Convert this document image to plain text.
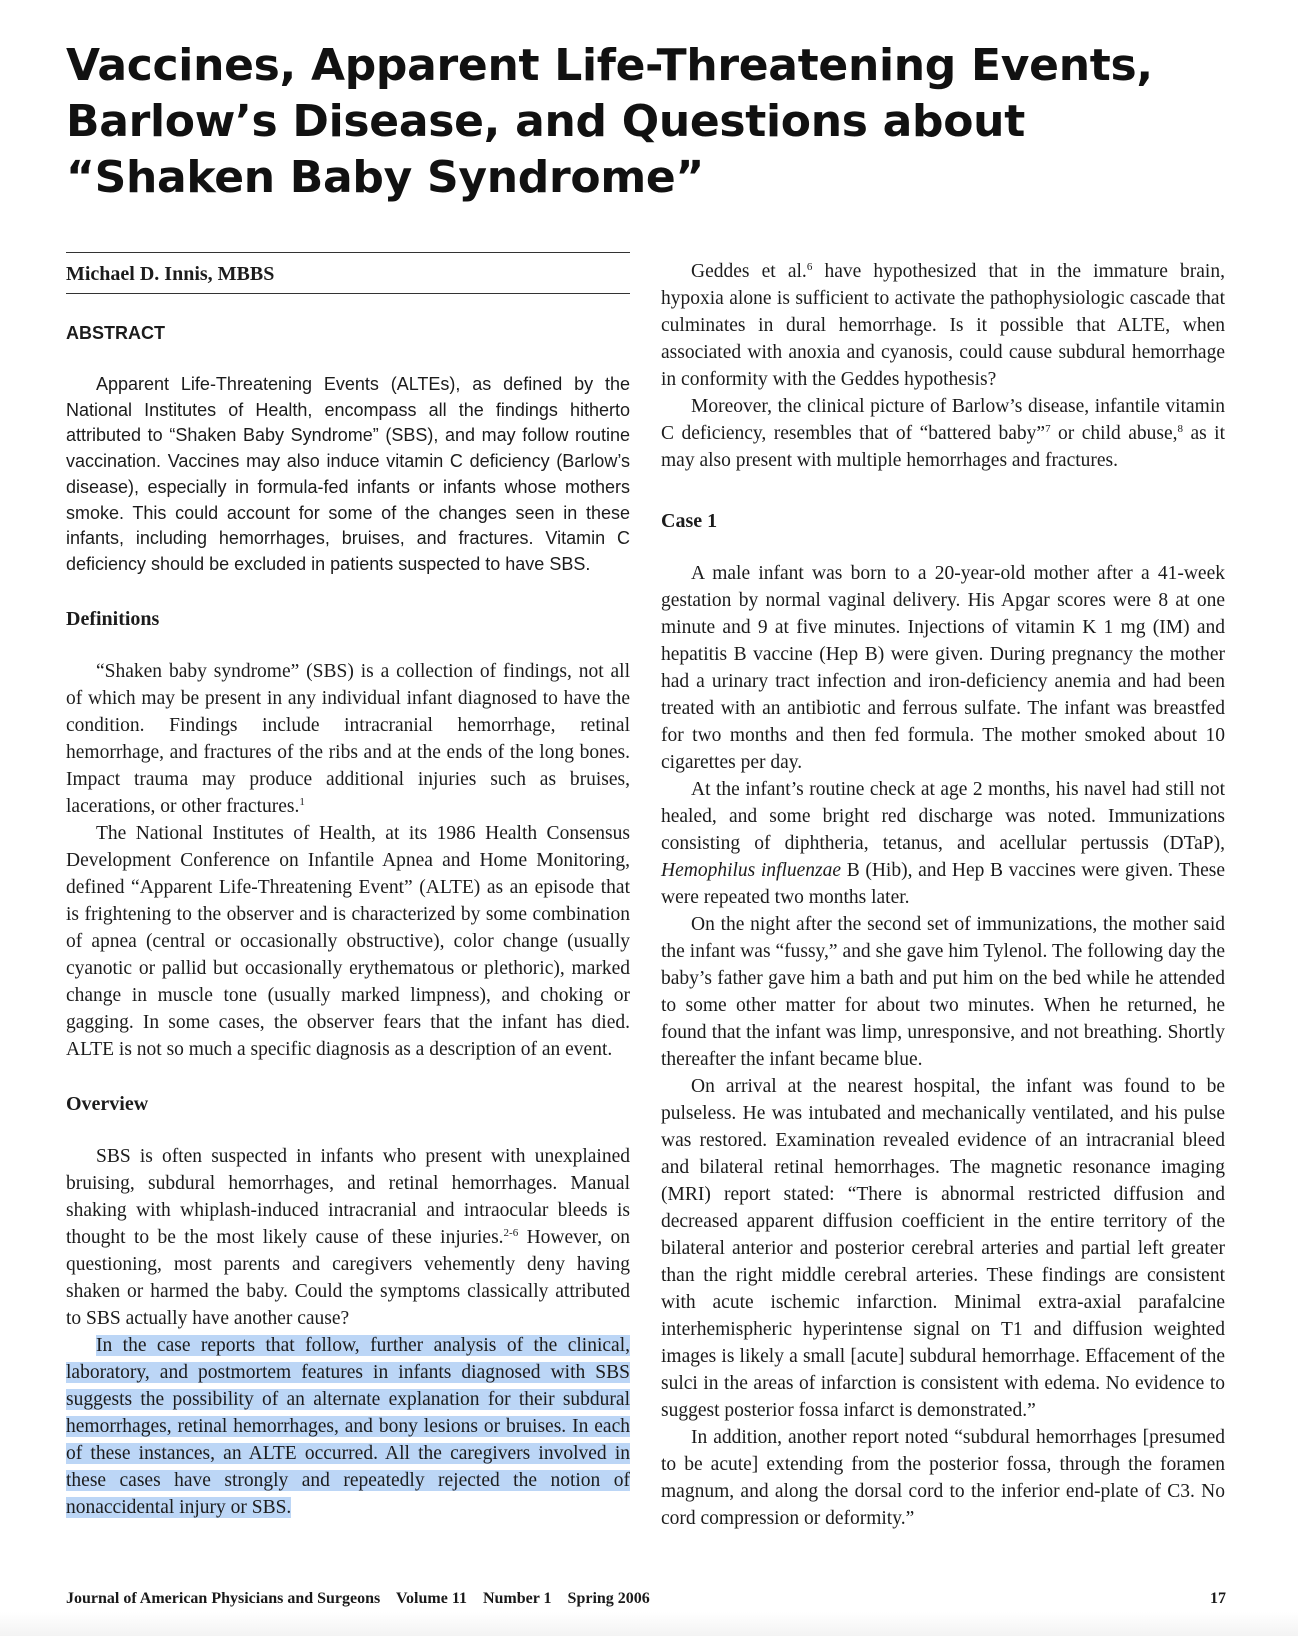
Vaccines, Apparent Life-Threatening Events,
Barlow’s Disease, and Questions about
“Shaken Baby Syndrome”
Michael D. Innis, MBBS
ABSTRACT

Apparent Life-Threatening Events (ALTEs), as defined by the National Institutes of Health, encompass all the findings hitherto attributed to “Shaken Baby Syndrome” (SBS), and may follow routine vaccination. Vaccines may also induce vitamin C deficiency (Barlow’s disease), especially in formula-fed infants or infants whose mothers smoke. This could account for some of the changes seen in these infants, including hemorrhages, bruises, and fractures. Vitamin C deficiency should be excluded in patients suspected to have SBS.

Definitions

“Shaken baby syndrome” (SBS) is a collection of findings, not all of which may be present in any individual infant diagnosed to have the condition. Findings include intracranial hemorrhage, retinal hemorrhage, and fractures of the ribs and at the ends of the long bones. Impact trauma may produce additional injuries such as bruises, lacerations, or other fractures.$^1$

The National Institutes of Health, at its 1986 Health Consensus Development Conference on Infantile Apnea and Home Monitoring, defined “Apparent Life-Threatening Event” (ALTE) as an episode that is frightening to the observer and is characterized by some combination of apnea (central or occasionally obstructive), color change (usually cyanotic or pallid but occasionally erythematous or plethoric), marked change in muscle tone (usually marked limpness), and choking or gagging. In some cases, the observer fears that the infant has died. ALTE is not so much a specific diagnosis as a description of an event.

Overview

SBS is often suspected in infants who present with unexplained bruising, subdural hemorrhages, and retinal hemorrhages. Manual shaking with whiplash-induced intracranial and intraocular bleeds is thought to be the most likely cause of these injuries.$^{2-6}$ However, on questioning, most parents and caregivers vehemently deny having shaken or harmed the baby. Could the symptoms classically attributed to SBS actually have another cause?

In the case reports that follow, further analysis of the clinical, laboratory, and postmortem features in infants diagnosed with SBS suggests the possibility of an alternate explanation for their subdural hemorrhages, retinal hemorrhages, and bony lesions or bruises. In each of these instances, an ALTE occurred. All the caregivers involved in these cases have strongly and repeatedly rejected the notion of nonaccidental injury or SBS.

Geddes et al.$^6$ have hypothesized that in the immature brain, hypoxia alone is sufficient to activate the pathophysiologic cascade that culminates in dural hemorrhage. Is it possible that ALTE, when associated with anoxia and cyanosis, could cause subdural hemorrhage in conformity with the Geddes hypothesis?

Moreover, the clinical picture of Barlow’s disease, infantile vitamin C deficiency, resembles that of “battered baby”$^7$ or child abuse,$^8$ as it may also present with multiple hemorrhages and fractures.

Case 1

A male infant was born to a 20-year-old mother after a 41-week gestation by normal vaginal delivery. His Apgar scores were 8 at one minute and 9 at five minutes. Injections of vitamin K 1 mg (IM) and hepatitis B vaccine (Hep B) were given. During pregnancy the mother had a urinary tract infection and iron-deficiency anemia and had been treated with an antibiotic and ferrous sulfate. The infant was breastfed for two months and then fed formula. The mother smoked about 10 cigarettes per day.

At the infant’s routine check at age 2 months, his navel had still not healed, and some bright red discharge was noted. Immunizations consisting of diphtheria, tetanus, and acellular pertussis (DTaP), Hemophilus influenzae B (Hib), and Hep B vaccines were given. These were repeated two months later.

On the night after the second set of immunizations, the mother said the infant was “fussy,” and she gave him Tylenol. The following day the baby’s father gave him a bath and put him on the bed while he attended to some other matter for about two minutes. When he returned, he found that the infant was limp, unresponsive, and not breathing. Shortly thereafter the infant became blue.

On arrival at the nearest hospital, the infant was found to be pulseless. He was intubated and mechanically ventilated, and his pulse was restored. Examination revealed evidence of an intracranial bleed and bilateral retinal hemorrhages. The magnetic resonance imaging (MRI) report stated: “There is abnormal restricted diffusion and decreased apparent diffusion coefficient in the entire territory of the bilateral anterior and posterior cerebral arteries and partial left greater than the right middle cerebral arteries. These findings are consistent with acute ischemic infarction. Minimal extra-axial parafalcine interhemispheric hyperintense signal on T1 and diffusion weighted images is likely a small [acute] subdural hemorrhage. Effacement of the sulci in the areas of infarction is consistent with edema. No evidence to suggest posterior fossa infarct is demonstrated.”

In addition, another report noted “subdural hemorrhages [presumed to be acute] extending from the posterior fossa, through the foramen magnum, and along the dorsal cord to the inferior end-plate of C3. No cord compression or deformity.”

Journal of American Physicians and Surgeons    Volume 11    Number 1    Spring 2006	17
